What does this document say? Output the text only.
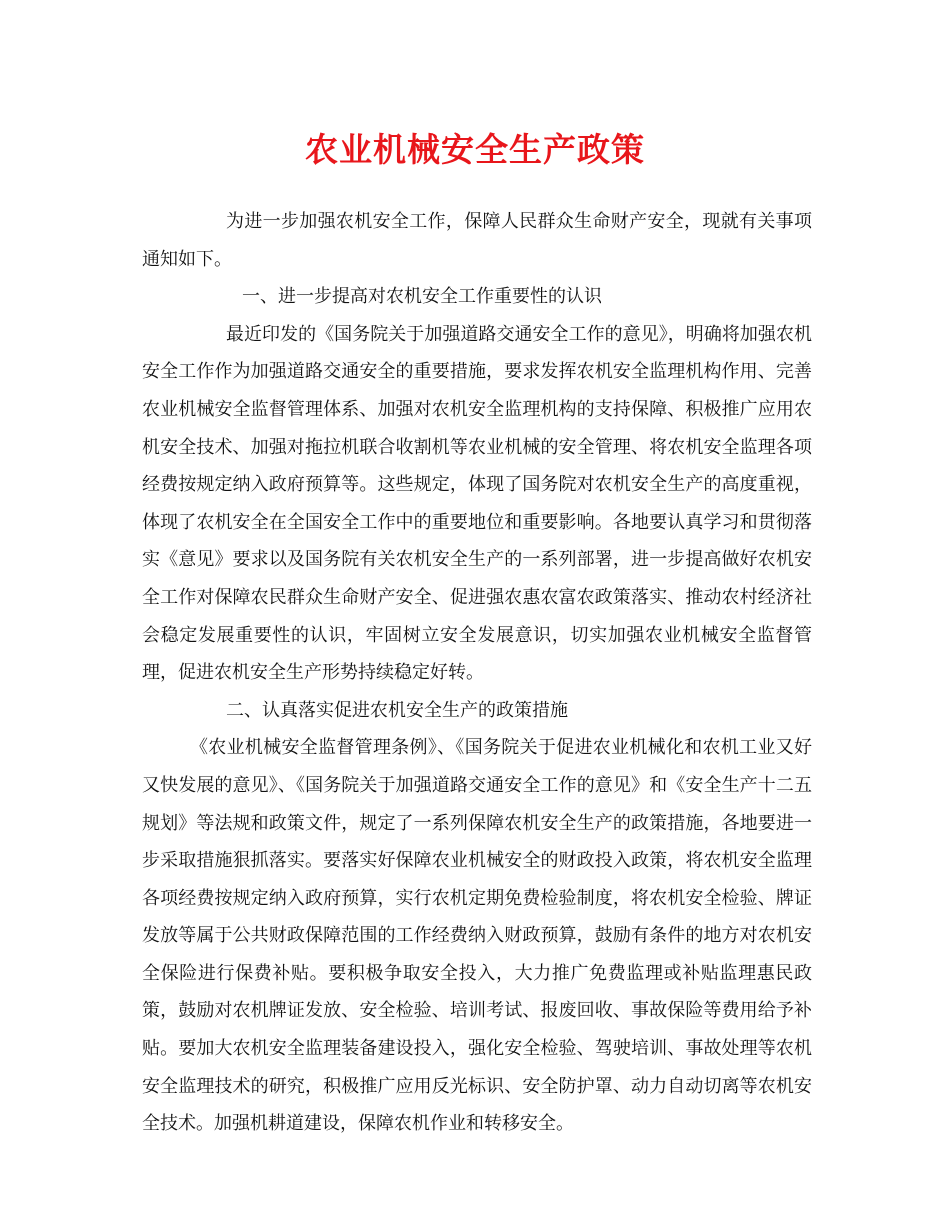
农业机械安全生产政策

为进一步加强农机安全工作，保障人民群众生命财产安全，现就有关事项通知如下。

一、进一步提高对农机安全工作重要性的认识

最近印发的《国务院关于加强道路交通安全工作的意见》，明确将加强农机安全工作作为加强道路交通安全的重要措施，要求发挥农机安全监理机构作用、完善农业机械安全监督管理体系、加强对农机安全监理机构的支持保障、积极推广应用农机安全技术、加强对拖拉机联合收割机等农业机械的安全管理、将农机安全监理各项经费按规定纳入政府预算等。这些规定，体现了国务院对农机安全生产的高度重视，体现了农机安全在全国安全工作中的重要地位和重要影响。各地要认真学习和贯彻落实《意见》要求以及国务院有关农机安全生产的一系列部署，进一步提高做好农机安全工作对保障农民群众生命财产安全、促进强农惠农富农政策落实、推动农村经济社会稳定发展重要性的认识，牢固树立安全发展意识，切实加强农业机械安全监督管理，促进农机安全生产形势持续稳定好转。

二、认真落实促进农机安全生产的政策措施

《农业机械安全监督管理条例》、《国务院关于促进农业机械化和农机工业又好又快发展的意见》、《国务院关于加强道路交通安全工作的意见》和《安全生产十二五规划》等法规和政策文件，规定了一系列保障农机安全生产的政策措施，各地要进一步采取措施狠抓落实。要落实好保障农业机械安全的财政投入政策，将农机安全监理各项经费按规定纳入政府预算，实行农机定期免费检验制度，将农机安全检验、牌证发放等属于公共财政保障范围的工作经费纳入财政预算，鼓励有条件的地方对农机安全保险进行保费补贴。要积极争取安全投入，大力推广免费监理或补贴监理惠民政策，鼓励对农机牌证发放、安全检验、培训考试、报废回收、事故保险等费用给予补贴。要加大农机安全监理装备建设投入，强化安全检验、驾驶培训、事故处理等农机安全监理技术的研究，积极推广应用反光标识、安全防护罩、动力自动切离等农机安全技术。加强机耕道建设，保障农机作业和转移安全。
